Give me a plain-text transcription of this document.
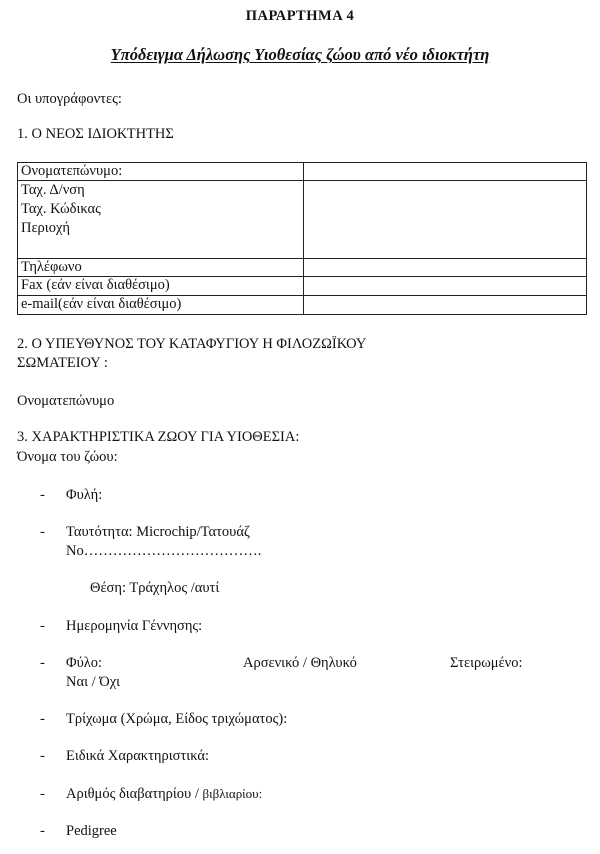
ΠΑΡΑΡΤΗΜΑ 4
Υπόδειγμα Δήλωσης Υιοθεσίας ζώου από νέο ιδιοκτήτη
Οι υπογράφοντες:
1. Ο ΝΕΟΣ ΙΔΙΟΚΤΗΤΗΣ
Ονοματεπώνυμο:	

Ταχ. Δ/νση
Ταχ. Κώδικας
Περιοχή	

Τηλέφωνο	
Fax (εάν είναι διαθέσιμο)	
e-mail(εάν είναι διαθέσιμο)	
2. Ο ΥΠΕΥΘΥΝΟΣ ΤΟΥ ΚΑΤΑΦΥΓΙΟΥ Η ΦΙΛΟΖΩΪΚΟΥ
ΣΩΜΑΤΕΙΟΥ :
Ονοματεπώνυμο
3. ΧΑΡΑΚΤΗΡΙΣΤΙΚΑ ΖΩΟΥ ΓΙΑ ΥΙΟΘΕΣΙΑ:
Όνομα του ζώου:
- Φυλή:
- Ταυτότητα: Microchip/Τατουάζ
No……………………………….
Θέση: Τράχηλος /αυτί
- Ημερομηνία Γέννησης:
- Φύλο:	Αρσενικό / Θηλυκό	Στειρωμένο:
Ναι / Όχι
- Τρίχωμα (Χρώμα, Είδος τριχώματος):
- Ειδικά Χαρακτηριστικά:
- Αριθμός διαβατηρίου / βιβλιαρίου:
- Pedigree
